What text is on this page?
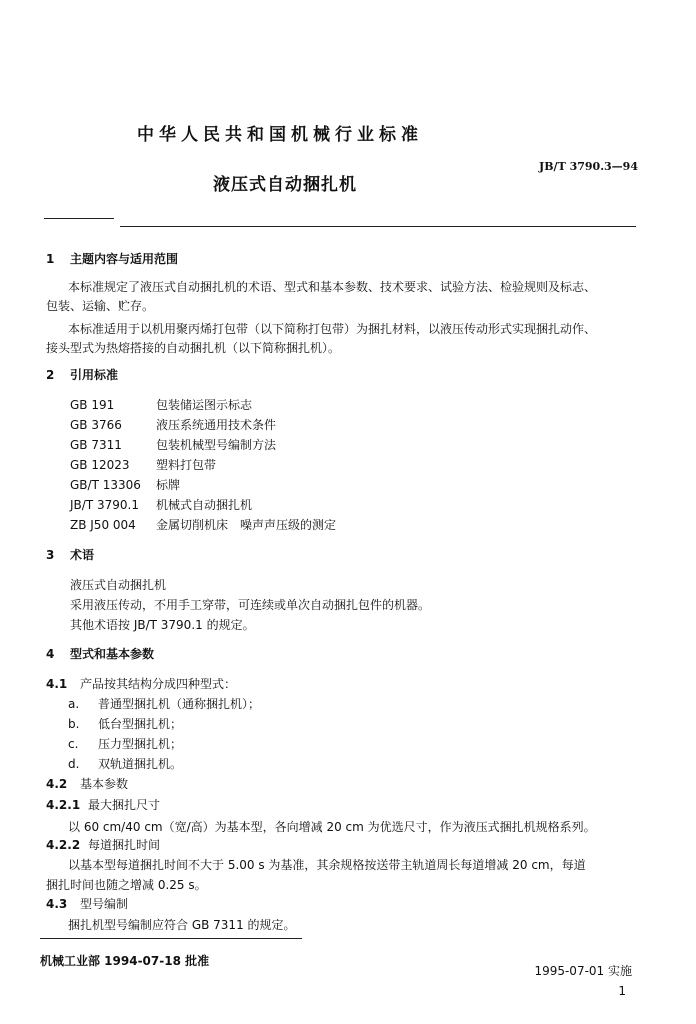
中华人民共和国机械行业标准
JB/T 3790.3—94
液压式自动捆扎机
1 主题内容与适用范围
本标准规定了液压式自动捆扎机的术语、型式和基本参数、技术要求、试验方法、检验规则及标志、
包装、运输、贮存。
本标准适用于以机用聚丙烯打包带（以下简称打包带）为捆扎材料，以液压传动形式实现捆扎动作、
接头型式为热熔搭接的自动捆扎机（以下简称捆扎机）。
2 引用标准
GB 191	包装储运图示标志
GB 3766	液压系统通用技术条件
GB 7311	包装机械型号编制方法
GB 12023 塑料打包带
GB/T 13306 标牌
JB/T 3790.1 机械式自动捆扎机
ZB J50 004 金属切削机床　噪声声压级的测定
3 术语
液压式自动捆扎机
采用液压传动，不用手工穿带，可连续或单次自动捆扎包件的机器。
其他术语按 JB/T 3790.1 的规定。
4 型式和基本参数
4.1 产品按其结构分成四种型式：
a. 普通型捆扎机（通称捆扎机）；
b. 低台型捆扎机；
c. 压力型捆扎机；
d. 双轨道捆扎机。
4.2 基本参数
4.2.1 最大捆扎尺寸
以 60 cm/40 cm（宽/高）为基本型，各向增减 20 cm 为优选尺寸，作为液压式捆扎机规格系列。
4.2.2 每道捆扎时间
以基本型每道捆扎时间不大于 5.00 s 为基准，其余规格按送带主轨道周长每道增减 20 cm，每道
捆扎时间也随之增减 0.25 s。
4.3 型号编制
捆扎机型号编制应符合 GB 7311 的规定。
机械工业部 1994-07-18 批准
1995-07-01 实施
1
